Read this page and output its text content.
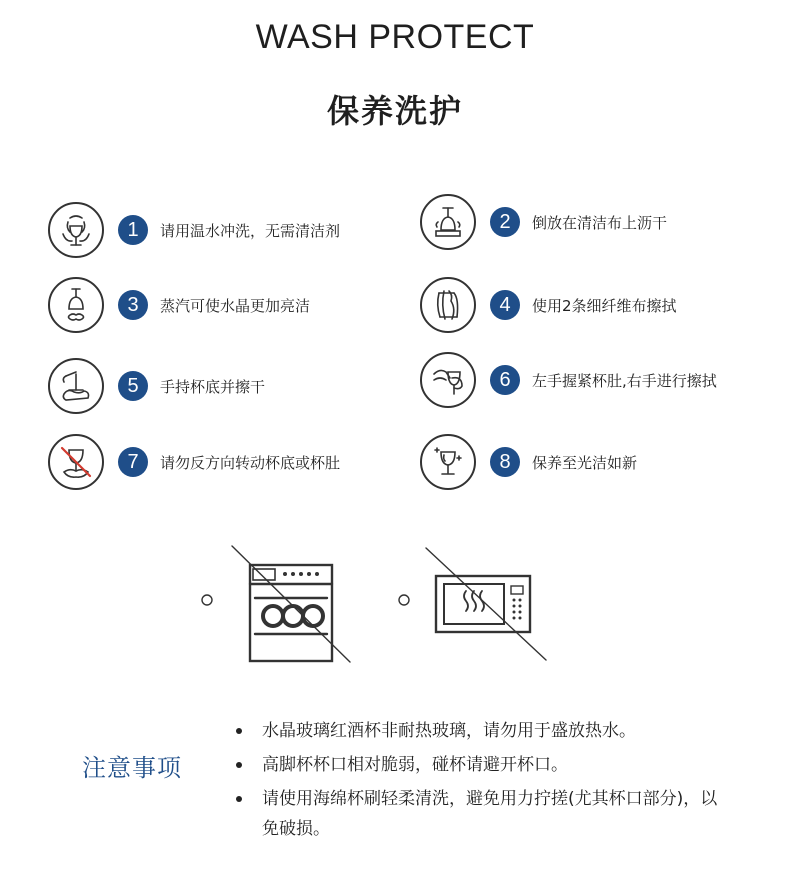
WASH PROTECT
保养洗护
1	请用温水冲洗，无需清洁剂	2	倒放在清洁布上沥干
3	蒸汽可使水晶更加亮洁	4	使用2条细纤维布擦拭
5	手持杯底并擦干	6	左手握紧杯肚,右手进行擦拭
7	请勿反方向转动杯底或杯肚	8	保养至光洁如新
注意事项
水晶玻璃红酒杯非耐热玻璃，请勿用于盛放热水。
高脚杯杯口相对脆弱，碰杯请避开杯口。
请使用海绵杯刷轻柔清洗，避免用力拧搓(尤其杯口部分)，以免破损。
